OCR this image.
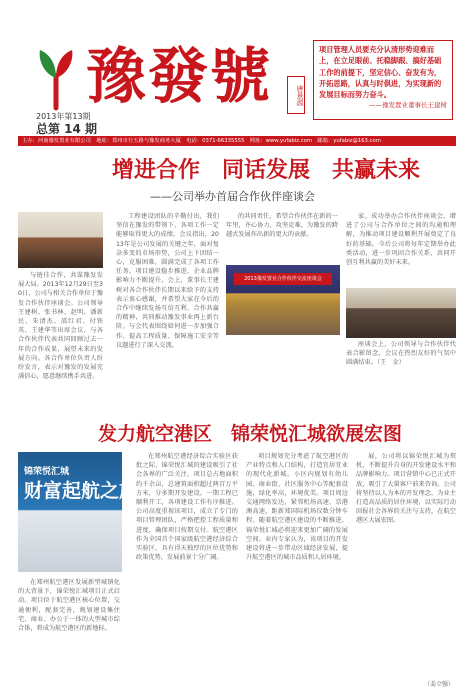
豫發號	唐景源
2013年第13期
总第 14 期
项目管理人员要充分认清形势迎难而上，在立足眼前、托稳脚跟、搞好基础工作的前提下，坚定信心、奋发有为，开拓思路，认真与时俱进，为实现新的发展目标而努力奋斗。
——豫发置业董事长王建树
主办：河南豫发置业有限公司　地址：郑州市行五路与豫发商务大厦　电话：0371-66335555　网址：www.yufabiz.com　邮箱：yufabiz@163.com
增进合作　同话发展　共赢未来
——公司举办首届合作伙伴座谈会
与链佳合作，共谋豫发发展大局。2013年12月29日至30日，公司与相关合作单位于豫发合作伙伴座谈会。公司领导王建树、张书林、赵明、潘新民、朱清杰、邵红君、付铁英、王建华等出席会议，与各合作伙伴代表共同回顾过去一年的合作成果，展望未来的发展方向。各合作单位负责人纷纷发言，表示对豫发的发展充满信心，愿意继续携手共进。
工程建设团队的辛勤付出，我们坚信在豫发的带领下，各项工作一定能够取得更大的成绩。会议指出，2013年是公司发展的关键之年，面对复杂多变的市场形势，公司上下团结一心，克服困难，圆满完成了各项工作任务。项目建设稳步推进，企业品牌影响力不断提升。会上，董事长王建树对各合作伙伴长期以来给予的支持表示衷心感谢，并希望大家在今后的合作中继续发扬互信互利、合作共赢的精神，共同推动豫发事业再上新台阶。与会代表围绕如何进一步加强合作、提高工程质量、保障施工安全等议题进行了深入交流。
的共同责任，希望合作伙伴在新的一年里，齐心协力，攻坚克难，为豫发的跨越式发展作出新的更大的贡献。
2013豫发置业合作伙伴交流座谈会
家。成功举办合作伙伴座谈会，增进了公司与合作单位之间的沟通和理解，为推动项目建设顺利开展奠定了良好的基础。今后公司将每年定期举办此类活动，进一步巩固合作关系，共同开创互利共赢的美好未来。
座谈会上，公司领导与合作伙伴代表合影留念，会议在热烈友好的气氛中圆满结束。（王　金）
发力航空港区　锦荣悦汇城欲展宏图
锦荣悦汇城
财富起航之旅
在郑州航空港区发展新型城镇化的大背景下，锦荣悦汇城项目正式启动。项目位于航空港区核心位置，交通便利，配套完善，规划建设集住宅、商业、办公于一体的大型城市综合体，将成为航空港区的新地标。
在郑州航空港经济综合实验区获批之际，锦荣悦汇城的建设吸引了社会各界的广泛关注。项目总占地面积约千余亩，总建筑面积超过两百万平方米，分多期开发建设。一期工程已顺利开工，各项建设工作有序推进。公司高度重视该项目，成立了专门的项目管理团队，严格把控工程质量和进度，确保项目按期交付。航空港区作为全国首个国家级航空港经济综合实验区，具有得天独厚的区位优势和政策优势，发展前景十分广阔。
项目规划充分考虑了航空港区的产业特点和人口结构，打造宜居宜业的现代化新城。小区内规划有幼儿园、商业街、社区服务中心等配套设施，绿化率高，环境优美。项目周边交通网络发达，紧邻机场高速、京港澳高速，距新郑国际机场仅数分钟车程。随着航空港区建设的不断推进，锦荣悦汇城必将迎来更加广阔的发展空间。业内专家认为，该项目的开发建设将进一步带动区域经济发展，提升航空港区的城市品质和人居环境。
展，公司将以锦荣悦汇城为契机，不断提升自身的开发建设水平和品牌影响力。项目营销中心已正式开放，吸引了大量客户前来咨询。公司将坚持以人为本的开发理念，为业主打造高品质的居住环境，以实际行动回报社会各界的关注与支持，在航空港区大展宏图。
（姜立强）
